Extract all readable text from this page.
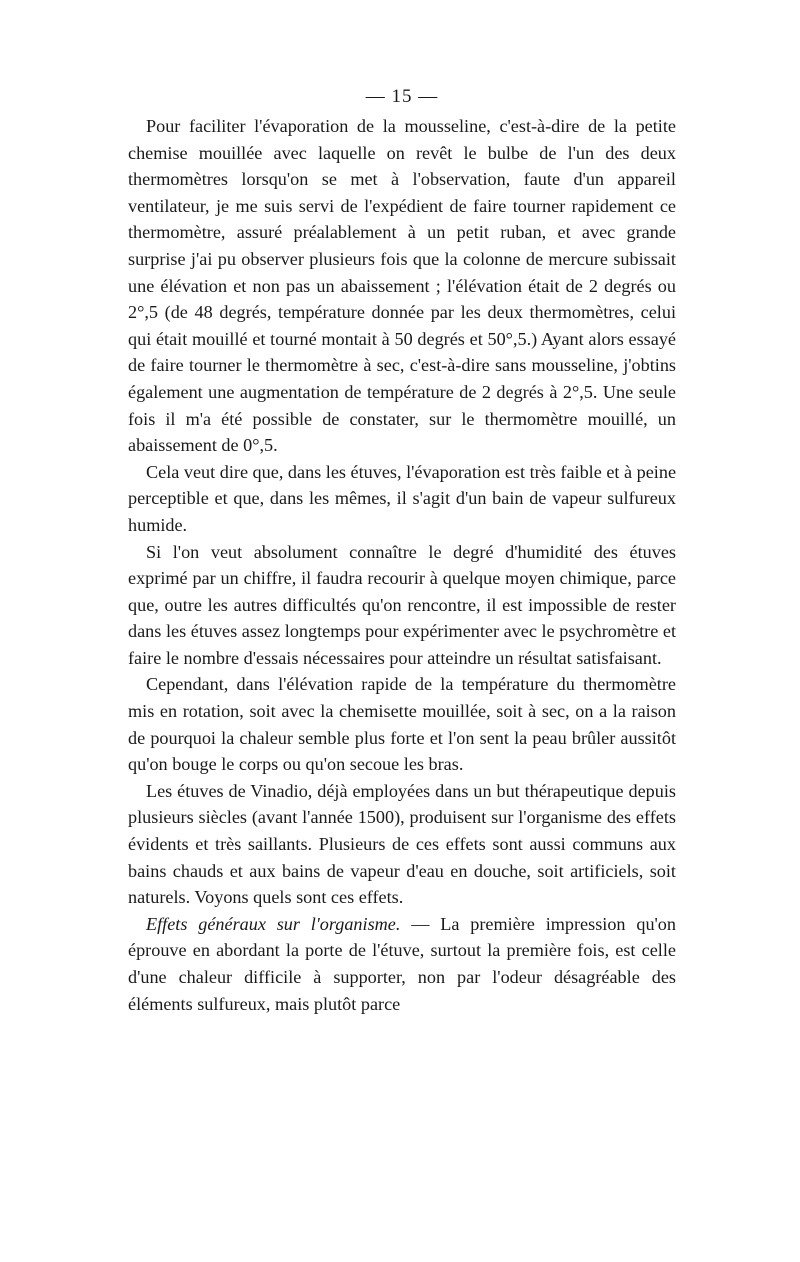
— 15 —

Pour faciliter l'évaporation de la mousseline, c'est-à-dire de la petite chemise mouillée avec laquelle on revêt le bulbe de l'un des deux thermomètres lorsqu'on se met à l'observation, faute d'un appareil ventilateur, je me suis servi de l'expédient de faire tourner rapidement ce thermomètre, assuré préalablement à un petit ruban, et avec grande surprise j'ai pu observer plusieurs fois que la colonne de mercure subissait une élévation et non pas un abaissement ; l'élévation était de 2 degrés ou 2°,5 (de 48 degrés, température donnée par les deux thermomètres, celui qui était mouillé et tourné montait à 50 degrés et 50°,5.) Ayant alors essayé de faire tourner le thermomètre à sec, c'est-à-dire sans mousseline, j'obtins également une augmentation de température de 2 degrés à 2°,5. Une seule fois il m'a été possible de constater, sur le thermomètre mouillé, un abaissement de 0°,5.

Cela veut dire que, dans les étuves, l'évaporation est très faible et à peine perceptible et que, dans les mêmes, il s'agit d'un bain de vapeur sulfureux humide.

Si l'on veut absolument connaître le degré d'humidité des étuves exprimé par un chiffre, il faudra recourir à quelque moyen chimique, parce que, outre les autres difficultés qu'on rencontre, il est impossible de rester dans les étuves assez longtemps pour expérimenter avec le psychromètre et faire le nombre d'essais nécessaires pour atteindre un résultat satisfaisant.

Cependant, dans l'élévation rapide de la température du thermomètre mis en rotation, soit avec la chemisette mouillée, soit à sec, on a la raison de pourquoi la chaleur semble plus forte et l'on sent la peau brûler aussitôt qu'on bouge le corps ou qu'on secoue les bras.

Les étuves de Vinadio, déjà employées dans un but thérapeutique depuis plusieurs siècles (avant l'année 1500), produisent sur l'organisme des effets évidents et très saillants. Plusieurs de ces effets sont aussi communs aux bains chauds et aux bains de vapeur d'eau en douche, soit artificiels, soit naturels. Voyons quels sont ces effets.

Effets généraux sur l'organisme. — La première impression qu'on éprouve en abordant la porte de l'étuve, surtout la première fois, est celle d'une chaleur difficile à supporter, non par l'odeur désagréable des éléments sulfureux, mais plutôt parce
